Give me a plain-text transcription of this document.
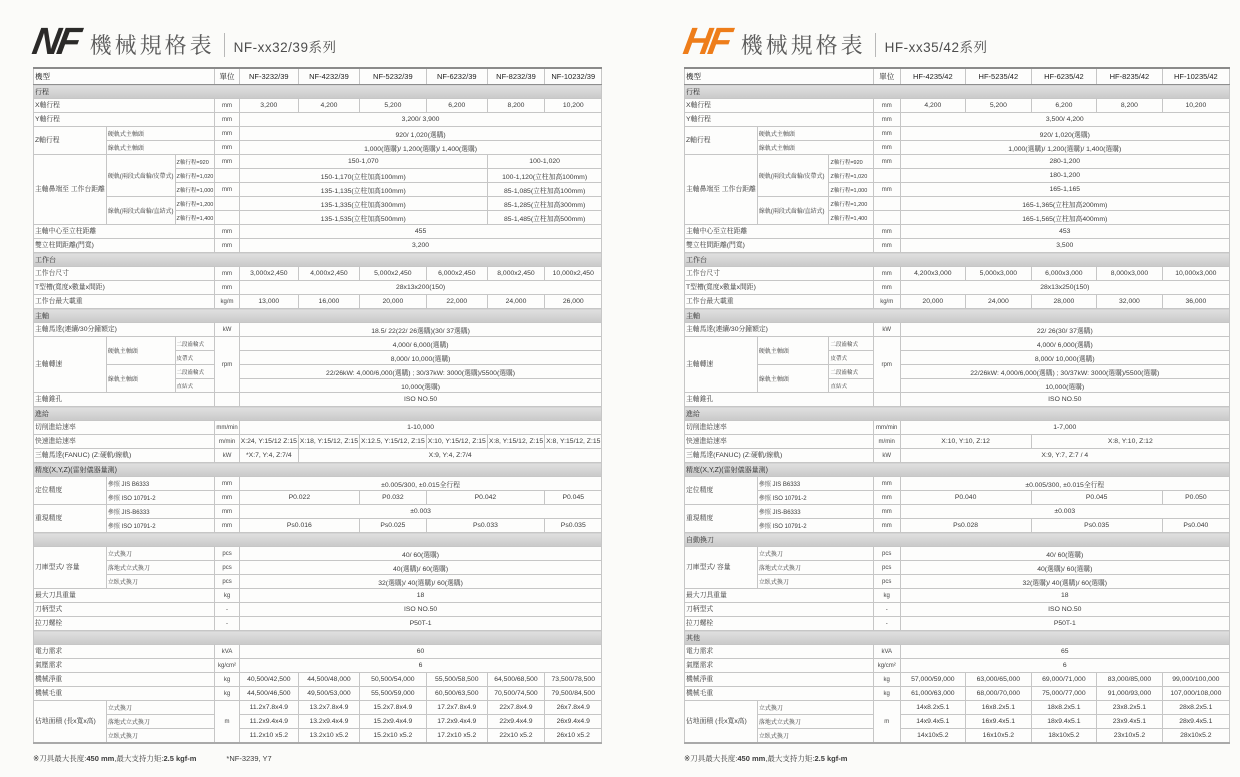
NF 機械規格表 NF-xx32/39系列
機型			單位	NF-3232/39	NF-4232/39	NF-5232/39	NF-6232/39	NF-8232/39	NF-10232/39
行程									
X軸行程			mm	3,200	4,200	5,200	6,200	8,200	10,200
Y軸行程			mm	3,200/ 3,900					
Z軸行程	硬軌式主軸頭		mm	920/ 1,020(選購)					
	線軌式主軸頭		mm	1,000(選購)/ 1,200(選購)/ 1,400(選購)					
主軸鼻端至 工作台距離	硬軌(兩段式齒輪/皮帶式)	Z軸行程=920	mm	150-1,070				100-1,020	
		Z軸行程=1,020		150-1,170(立柱加高100mm)				100-1,120(立柱加高100mm)	
		Z軸行程=1,000	mm	135-1,135(立柱加高100mm)				85-1,085(立柱加高100mm)	
	線軌(兩段式齒輪/直結式)	Z軸行程=1,200		135-1,335(立柱加高300mm)				85-1,285(立柱加高300mm)	
		Z軸行程=1,400		135-1,535(立柱加高500mm)				85-1,485(立柱加高500mm)	
主軸中心至立柱距離			mm	455					
雙立柱間距離(門寬)			mm	3,200					
工作台									
工作台尺寸			mm	3,000x2,450	4,000x2,450	5,000x2,450	6,000x2,450	8,000x2,450	10,000x2,450
T型槽(寬度x數量x間距)			mm	28x13x200(150)					
工作台最大載重			kg/m	13,000	16,000	20,000	22,000	24,000	26,000
主軸									
主軸馬達(連續/30分鐘額定)			kW	18.5/ 22(22/ 26選購)(30/ 37選購)					
主軸轉速	硬軌主軸頭	二段齒輪式	rpm	4,000/ 6,000(選購)					
		皮帶式		8,000/ 10,000(選購)					
	線軌主軸頭	二段齒輪式		22/26kW: 4,000/6,000(選購) ; 30/37kW: 3000(選購)/5500(選購)					
		直結式		10,000(選購)					
主軸錐孔				ISO NO.50					
進給									
切削進給速率			mm/min	1-10,000					
快速進給速率			m/min	X:24, Y:15/12 Z:15	X:18, Y:15/12, Z:15	X:12.5, Y:15/12, Z:15	X:10, Y:15/12, Z:15	X:8, Y:15/12, Z:15	X:8, Y:15/12, Z:15
三軸馬達(FANUC) (Z:硬軌/線軌)			kW	*X:7, Y:4, Z:7/4	X:9, Y:4, Z:7/4				
精度(X,Y,Z)(雷射儀器量測)									
定位精度	參照 JIS B6333		mm	±0.005/300, ±0.015全行程					
	參照 ISO 10791-2		mm	P0.022		P0.032	P0.042		P0.045
重現精度	參照 JIS-B6333		mm	±0.003					
	參照 ISO 10791-2		mm	Ps0.016		Ps0.025	Ps0.033		Ps0.035

刀庫型式/ 容量	立式換刀		pcs	40/ 60(選購)					
	落地式立式換刀		pcs	40(選購)/ 60(選購)					
	立臥式換刀		pcs	32(選購)/ 40(選購)/ 60(選購)					
最大刀具重量			kg	18					
刀柄型式			-	ISO NO.50					
拉刀螺栓			-	P50T-1					

電力需求			kVA	60					
氣壓需求			kg/cm²	6					
機械淨重			kg	40,500/42,500	44,500/48,000	50,500/54,000	55,500/58,500	64,500/68,500	73,500/78,500
機械毛重			kg	44,500/46,500	49,500/53,000	55,500/59,000	60,500/63,500	70,500/74,500	79,500/84,500
佔地面積 (長x寬x高)	立式換刀		m	11.2x7.8x4.9	13.2x7.8x4.9	15.2x7.8x4.9	17.2x7.8x4.9	22x7.8x4.9	26x7.8x4.9
	落地式立式換刀			11.2x9.4x4.9	13.2x9.4x4.9	15.2x9.4x4.9	17.2x9.4x4.9	22x9.4x4.9	26x9.4x4.9
	立臥式換刀			11.2x10 x5.2	13.2x10 x5.2	15.2x10 x5.2	17.2x10 x5.2	22x10 x5.2	26x10 x5.2
※刀具最大長度:450 mm,最大支持力矩:2.5 kgf-m	*NF-3239, Y7
HF 機械規格表 HF-xx35/42系列
機型			單位	HF-4235/42	HF-5235/42	HF-6235/42	HF-8235/42	HF-10235/42
行程								
X軸行程			mm	4,200	5,200	6,200	8,200	10,200
Y軸行程			mm	3,500/ 4,200				
Z軸行程	硬軌式主軸頭		mm	920/ 1,020(選購)				
	線軌式主軸頭		mm	1,000(選購)/ 1,200(選購)/ 1,400(選購)				
主軸鼻端至 工作台距離	硬軌(兩段式齒輪/皮帶式)	Z軸行程=920	mm	280-1,200				
		Z軸行程=1,020		180-1,200				
		Z軸行程=1,000	mm	165-1,165				
	線軌(兩段式齒輪/直結式)	Z軸行程=1,200		165-1,365(立柱加高200mm)				
		Z軸行程=1,400		165-1,565(立柱加高400mm)				
主軸中心至立柱距離			mm	453				
雙立柱間距離(門寬)			mm	3,500				
工作台								
工作台尺寸			mm	4,200x3,000	5,000x3,000	6,000x3,000	8,000x3,000	10,000x3,000
T型槽(寬度x數量x間距)			mm	28x13x250(150)				
工作台最大載重			kg/m	20,000	24,000	28,000	32,000	36,000
主軸								
主軸馬達(連續/30分鐘額定)			kW	22/ 26(30/ 37選購)				
主軸轉速	硬軌主軸頭	二段齒輪式	rpm	4,000/ 6,000(選購)				
		皮帶式		8,000/ 10,000(選購)				
	線軌主軸頭	二段齒輪式		22/26kW: 4,000/6,000(選購) ; 30/37kW: 3000(選購)/5500(選購)				
		直結式		10,000(選購)				
主軸錐孔				ISO NO.50				
進給								
切削進給速率			mm/min	1-7,000				
快速進給速率			m/min	X:10, Y:10, Z:12		X:8, Y:10, Z:12		
三軸馬達(FANUC) (Z:硬軌/線軌)			kW	X:9, Y:7, Z:7 / 4				
精度(X,Y,Z)(雷射儀器量測)								
定位精度	參照 JIS B6333		mm	±0.005/300, ±0.015全行程				
	參照 ISO 10791-2		mm	P0.040		P0.045		P0.050
重現精度	參照 JIS-B6333		mm	±0.003				
	參照 ISO 10791-2		mm	Ps0.028		Ps0.035		Ps0.040
自動換刀								
刀庫型式/ 容量	立式換刀		pcs	40/ 60(選購)				
	落地式立式換刀		pcs	40(選購)/ 60(選購)				
	立臥式換刀		pcs	32(選購)/ 40(選購)/ 60(選購)				
最大刀具重量			kg	18				
刀柄型式			-	ISO NO.50				
拉刀螺栓			-	P50T-1				
其他								
電力需求			kVA	65				
氣壓需求			kg/cm²	6				
機械淨重			kg	57,000/59,000	63,000/65,000	69,000/71,000	83,000/85,000	99,000/100,000
機械毛重			kg	61,000/63,000	68,000/70,000	75,000/77,000	91,000/93,000	107,000/108,000
佔地面積 (長x寬x高)	立式換刀		m	14x8.2x5.1	16x8.2x5.1	18x8.2x5.1	23x8.2x5.1	28x8.2x5.1
	落地式立式換刀			14x9.4x5.1	16x9.4x5.1	18x9.4x5.1	23x9.4x5.1	28x9.4x5.1
	立臥式換刀			14x10x5.2	16x10x5.2	18x10x5.2	23x10x5.2	28x10x5.2
※刀具最大長度:450 mm,最大支持力矩:2.5 kgf-m
